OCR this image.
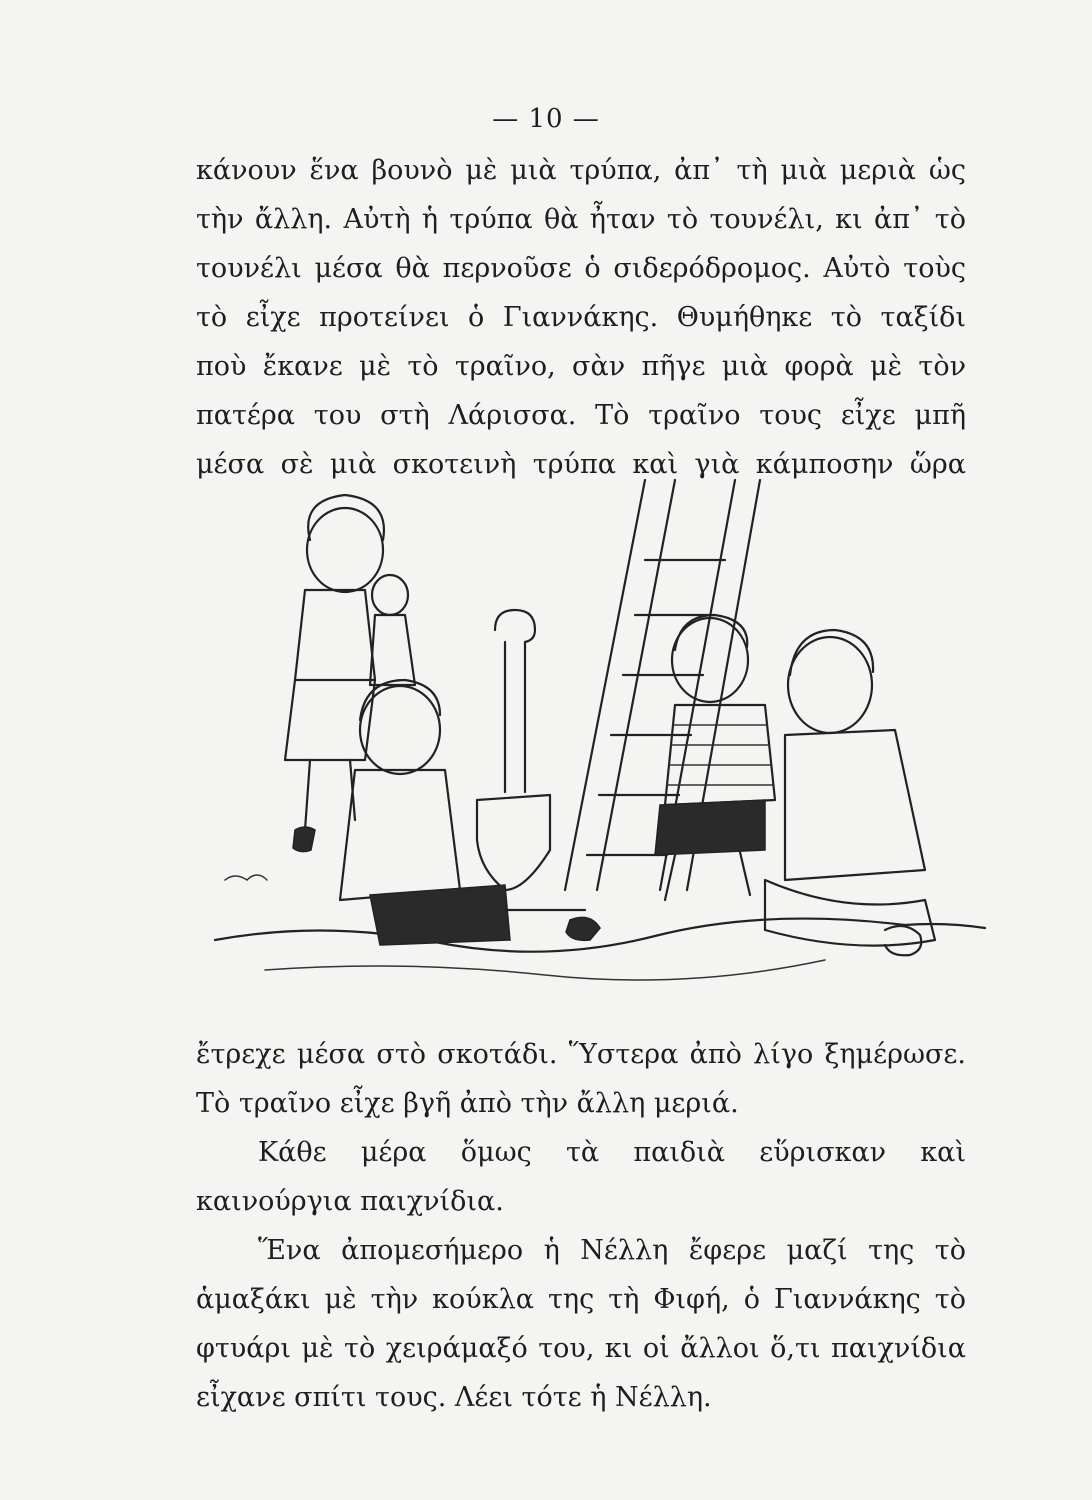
— 10 —

κάνουν ἕνα βουνὸ μὲ μιὰ τρύπα, ἀπ᾽ τὴ μιὰ μεριὰ ὡς

τὴν ἄλλη. Αὐτὴ ἡ τρύπα θὰ ἦταν τὸ τουνέλι, κι ἀπ᾽ τὸ

τουνέλι μέσα θὰ περνοῦσε ὁ σιδερόδρομος. Αὐτὸ τοὺς

τὸ εἶχε προτείνει ὁ Γιαννάκης. Θυμήθηκε τὸ ταξίδι

ποὺ ἔκανε μὲ τὸ τραῖνο, σὰν πῆγε μιὰ φορὰ μὲ τὸν

πατέρα του στὴ Λάρισσα. Τὸ τραῖνο τους εἶχε μπῆ

μέσα σὲ μιὰ σκοτεινὴ τρύπα καὶ γιὰ κάμποσην ὥρα

ἔτρεχε μέσα στὸ σκοτάδι. Ὕστερα ἀπὸ λίγο ξημέρωσε. Τὸ τραῖνο εἶχε βγῆ ἀπὸ τὴν ἄλλη μεριά.

Κάθε μέρα ὅμως τὰ παιδιὰ εὕρισκαν καὶ καινούργια παιχνίδια.

Ἕνα ἀπομεσήμερο ἡ Νέλλη ἔφερε μαζί της τὸ ἁμαξάκι μὲ τὴν κούκλα της τὴ Φιφή, ὁ Γιαννάκης τὸ φτυάρι μὲ τὸ χειράμαξό του, κι οἱ ἄλλοι ὅ,τι παιχνίδια εἶχανε σπίτι τους. Λέει τότε ἡ Νέλλη.
